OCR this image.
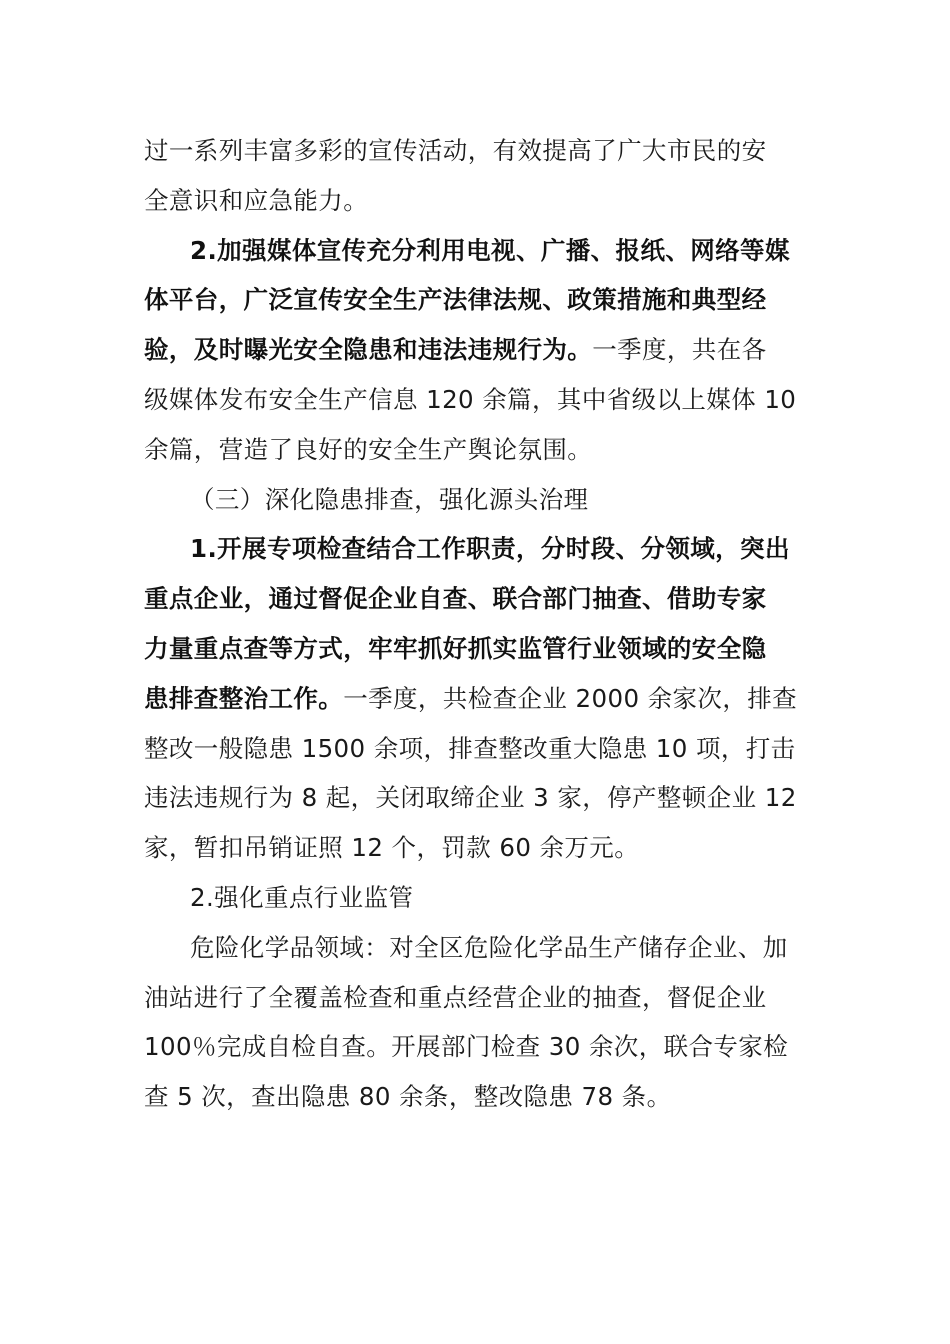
过一系列丰富多彩的宣传活动，有效提高了广大市民的安
全意识和应急能力。
2.加强媒体宣传充分利用电视、广播、报纸、网络等媒
体平台，广泛宣传安全生产法律法规、政策措施和典型经
验，及时曝光安全隐患和违法违规行为。一季度，共在各
级媒体发布安全生产信息 120 余篇，其中省级以上媒体 10
余篇，营造了良好的安全生产舆论氛围。
（三）深化隐患排查，强化源头治理
1.开展专项检查结合工作职责，分时段、分领域，突出
重点企业，通过督促企业自查、联合部门抽查、借助专家
力量重点查等方式，牢牢抓好抓实监管行业领域的安全隐
患排查整治工作。一季度，共检查企业 2000 余家次，排查
整改一般隐患 1500 余项，排查整改重大隐患 10 项，打击
违法违规行为 8 起，关闭取缔企业 3 家，停产整顿企业 12
家，暂扣吊销证照 12 个，罚款 60 余万元。
2.强化重点行业监管
危险化学品领域：对全区危险化学品生产储存企业、加
油站进行了全覆盖检查和重点经营企业的抽查，督促企业
100％完成自检自查。开展部门检查 30 余次，联合专家检
查 5 次，查出隐患 80 余条，整改隐患 78 条。
